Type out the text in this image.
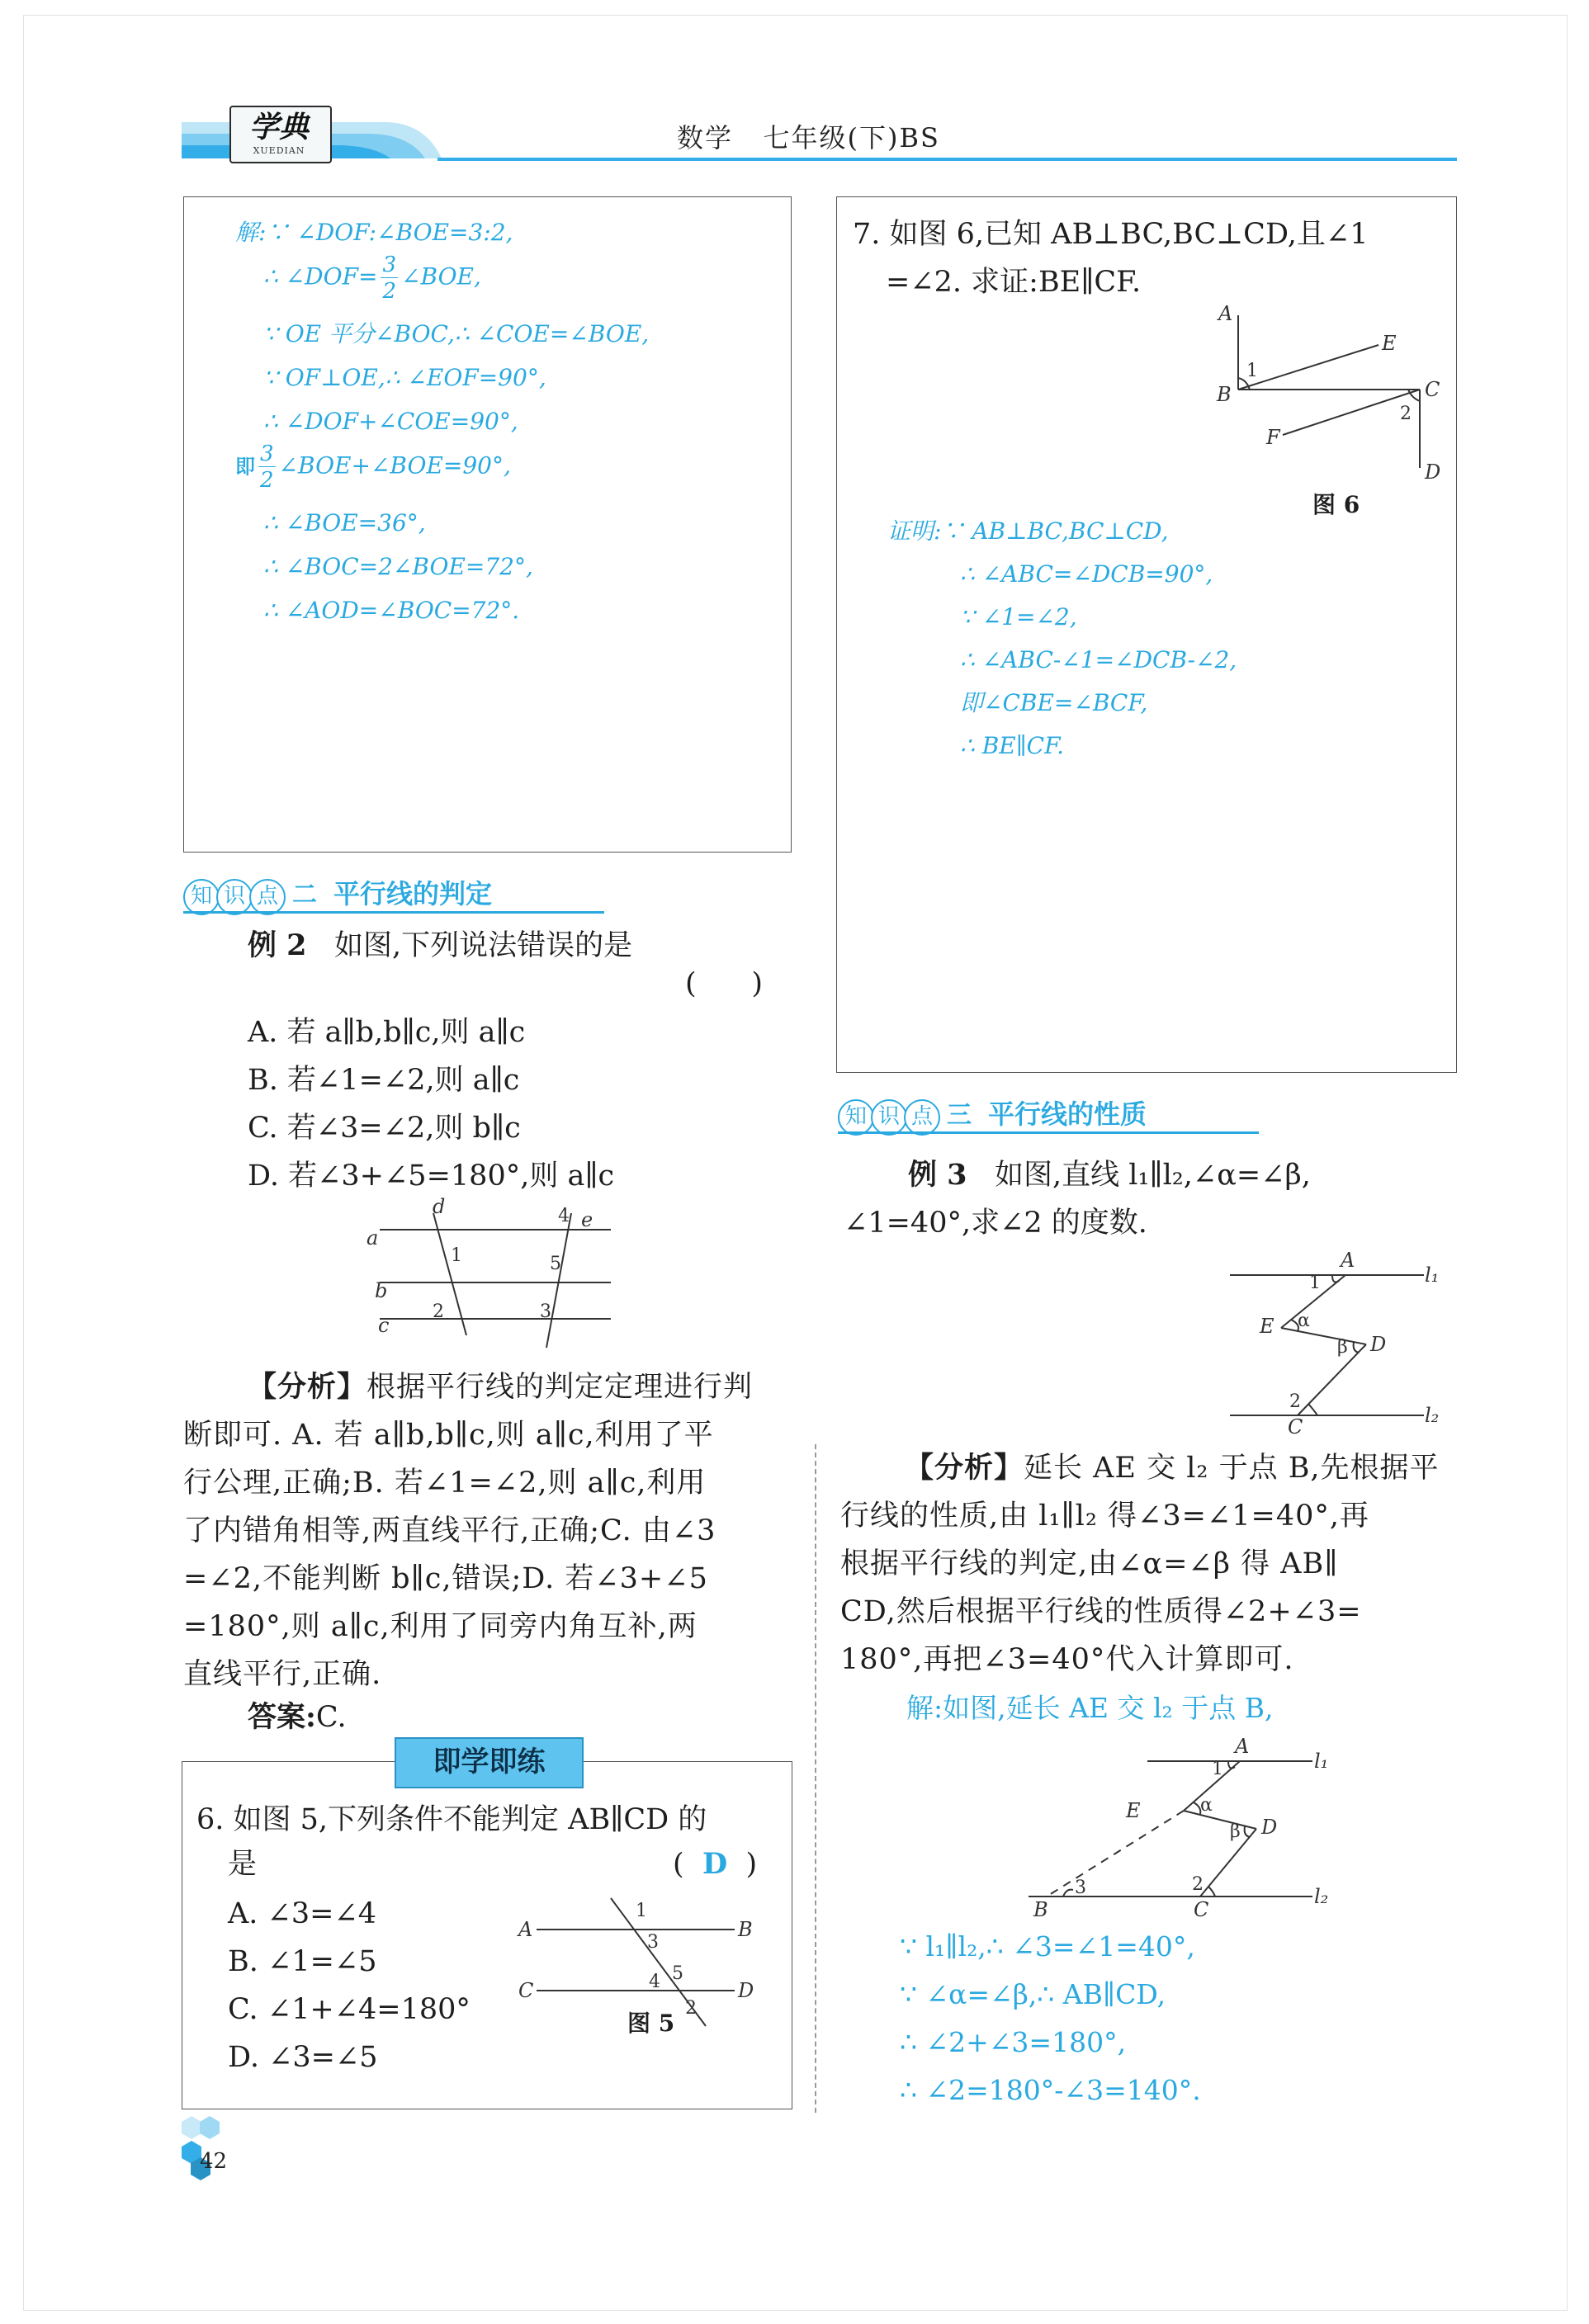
学典
XUEDIAN	数学   七年级(下)BS
解:∵ ∠DOF:∠BOE=3:2,
∴ ∠DOF= $\frac{3}{2}$ ∠BOE,
∵ OE 平分∠BOC,∴ ∠COE=∠BOE,
∵ OF⊥OE,∴ ∠EOF=90°,
∴ ∠DOF+∠COE=90°,
即 $\frac{3}{2}$ ∠BOE+∠BOE=90°,
∴ ∠BOE=36°,
∴ ∠BOC=2∠BOE=72°,
∴ ∠AOD=∠BOC=72°.
知 识 点 二 平行线的判定
例 2 如图,下列说法错误的是
(      )
A. 若 a∥b,b∥c,则 a∥c
B. 若∠1=∠2,则 a∥c
C. 若∠3=∠2,则 b∥c
D. 若∠3+∠5=180°,则 a∥c
a
b
c
d
e
1
2	3
4
5
【分析】根据平行线的判定定理进行判
断即可. A. 若 a∥b,b∥c,则 a∥c,利用了平
行公理,正确;B. 若∠1=∠2,则 a∥c,利用
了内错角相等,两直线平行,正确;C. 由∠3
=∠2,不能判断 b∥c,错误;D. 若∠3+∠5
=180°,则 a∥c,利用了同旁内角互补,两
直线平行,正确.
答案:C.
即学即练
6. 如图 5,下列条件不能判定 AB∥CD 的
是	( D )
A. ∠3=∠4
B. ∠1=∠5
C. ∠1+∠4=180°
D. ∠3=∠5
A	B
C	D
1
2
3
4 5
图 5
7. 如图 6,已知 AB⊥BC,BC⊥CD,且∠1
=∠2. 求证:BE∥CF.
A
B	C
D
E
F
1
2
图 6
证明:∵ AB⊥BC,BC⊥CD,
∴ ∠ABC=∠DCB=90°,
∵ ∠1=∠2,
∴ ∠ABC-∠1=∠DCB-∠2,
即∠CBE=∠BCF,
∴ BE∥CF.
知 识 点 三 平行线的性质
例 3 如图,直线 l₁∥l₂,∠α=∠β,
∠1=40°,求∠2 的度数.
A
C
D
E
l₁
l₂
1
2
α
β
【分析】延长 AE 交 l₂ 于点 B,先根据平
行线的性质,由 l₁∥l₂ 得∠3=∠1=40°,再
根据平行线的判定,由∠α=∠β 得 AB∥
CD,然后根据平行线的性质得∠2+∠3=
180°,再把∠3=40°代入计算即可.
解:如图,延长 AE 交 l₂ 于点 B,
A
B	C
D
E
l₁
l₂
1
2
3
α
β
∵ l₁∥l₂,∴ ∠3=∠1=40°,
∵ ∠α=∠β,∴ AB∥CD,
∴ ∠2+∠3=180°,
∴ ∠2=180°-∠3=140°.
42
